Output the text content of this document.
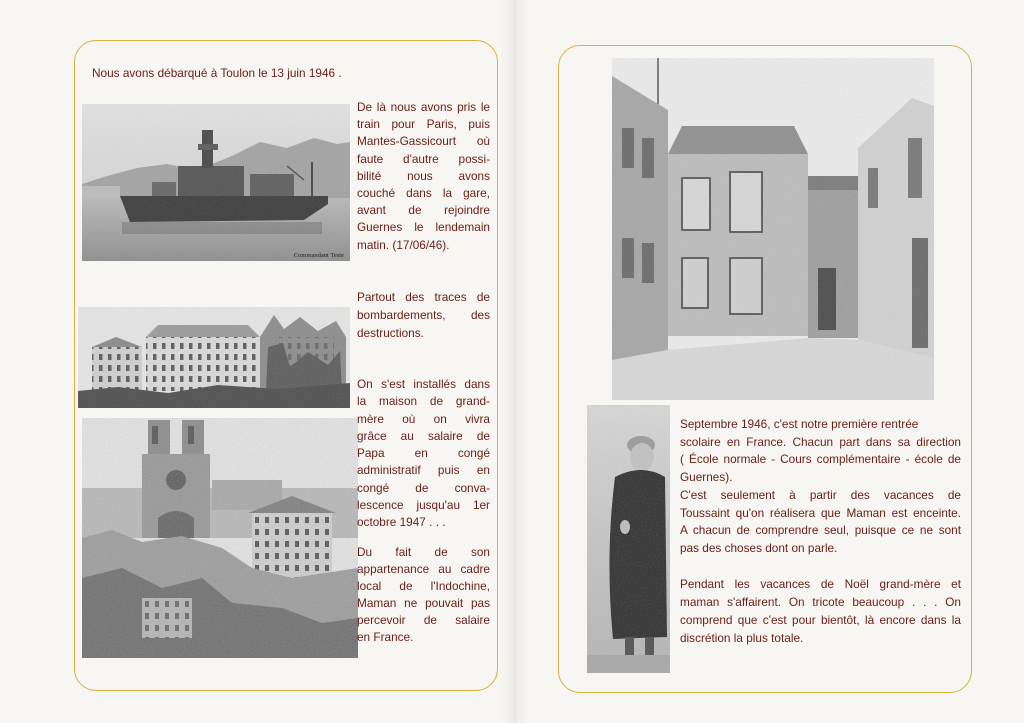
Nous avons débarqué à Toulon le 13 juin 1946 .
Commandant Teste
De là nous avons pris le
train pour Paris, puis
Mantes-Gassicourt où
faute d'autre possi-
bilité nous avons
couché dans la gare,
avant de rejoindre
Guernes le lendemain
matin. (17/06/46).
Partout des traces de
bombardements, des
destructions.
On s'est installés dans
la maison de grand-
mère où on vivra
grâce au salaire de
Papa en congé
administratif puis en
congé de conva-
lescence jusqu'au 1er
octobre 1947 . . .
Du fait de son
appartenance au cadre
local de l'Indochine,
Maman ne pouvait pas
percevoir de salaire
en France.
Septembre 1946, c'est notre première rentrée
scolaire en France. Chacun part dans sa direction
( École normale - Cours complémentaire - école de
Guernes).
C'est seulement à partir des vacances de
Toussaint qu'on réalisera que Maman est enceinte.
A chacun de comprendre seul, puisque ce ne sont
pas des choses dont on parle.
Pendant les vacances de Noël grand-mère et
maman s'affairent. On tricote beaucoup . . . On
comprend que c'est pour bientôt, là encore dans la
discrétion la plus totale.
